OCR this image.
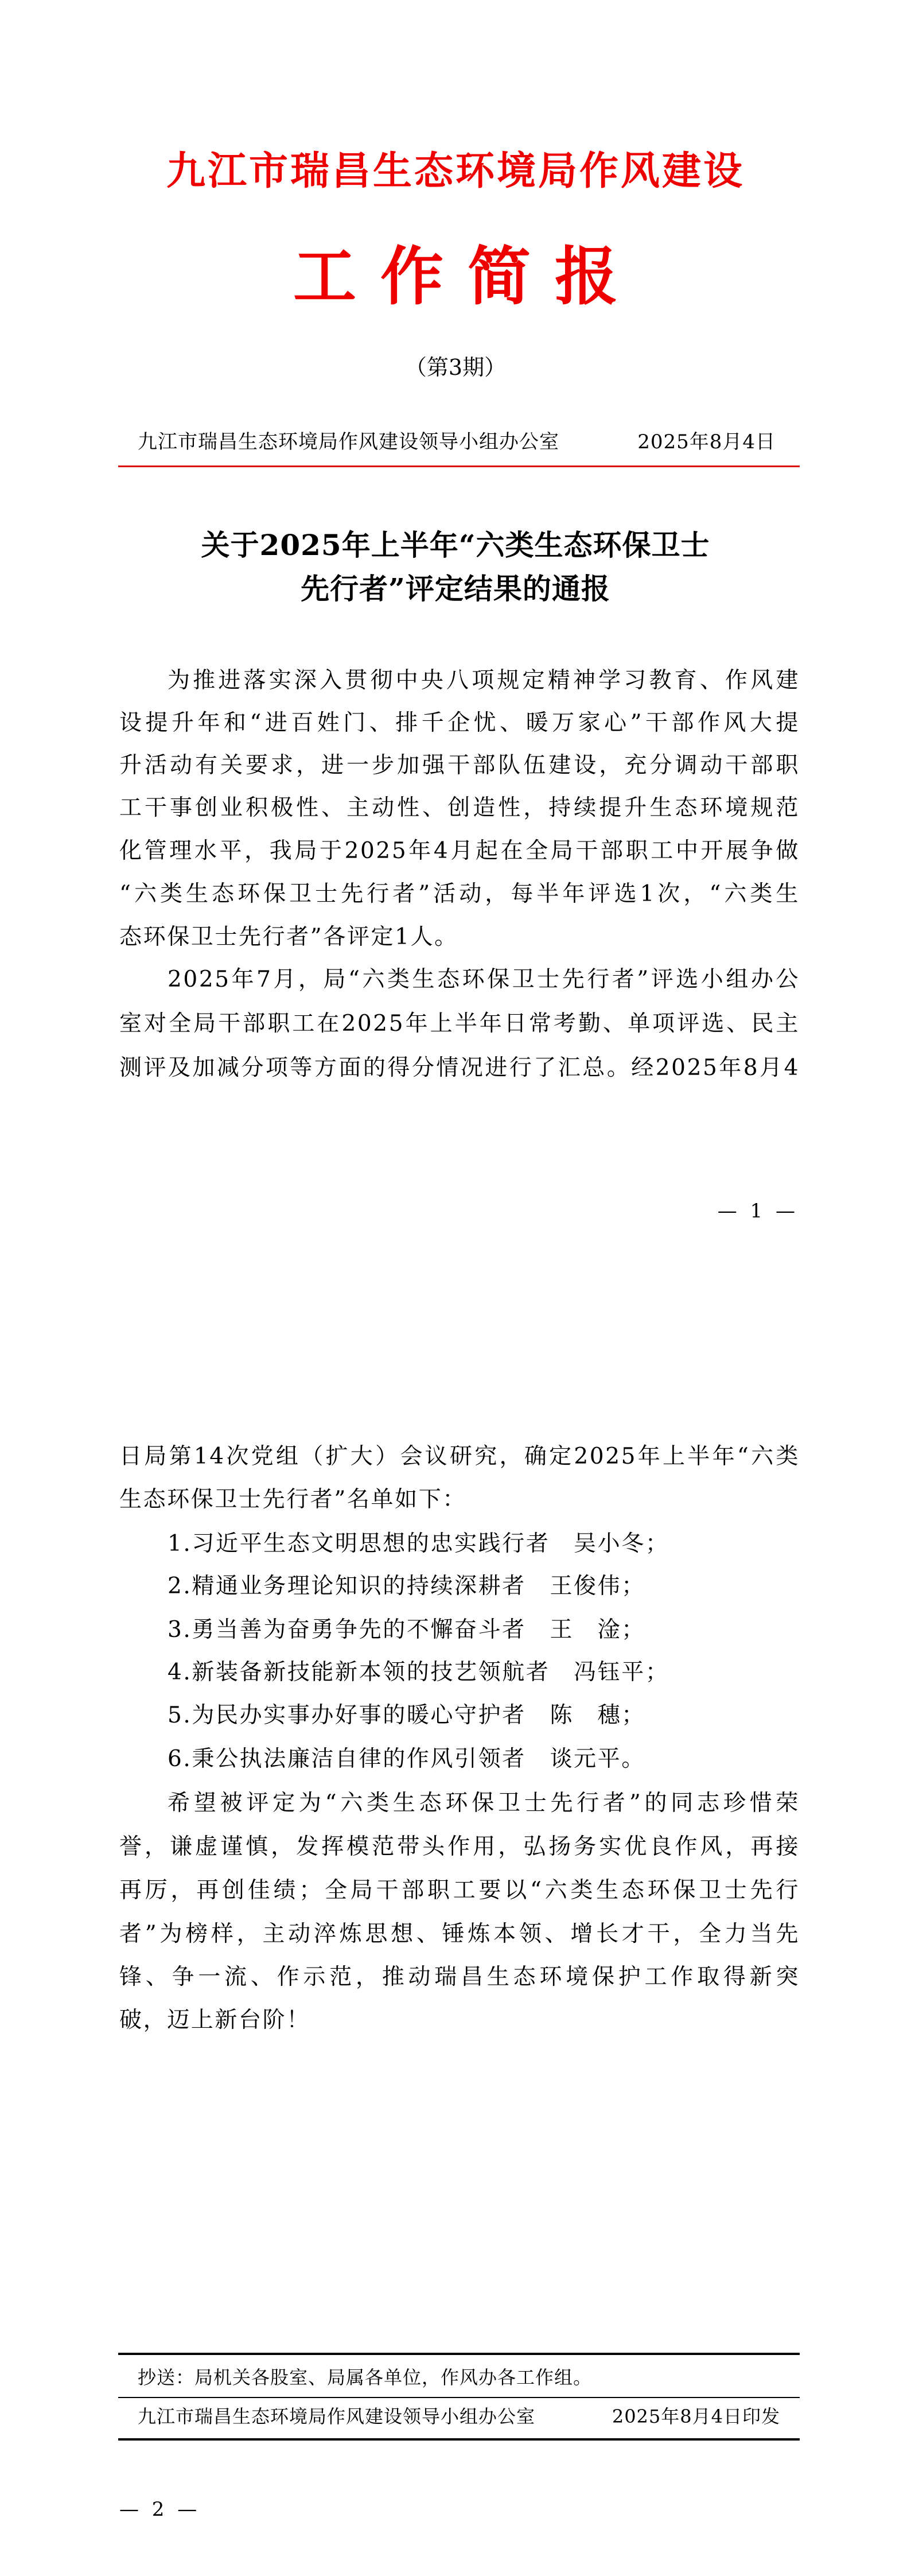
九江市瑞昌生态环境局作风建设
工作简报
（第3期）
九江市瑞昌生态环境局作风建设领导小组办公室	2025年8月4日
关于2025年上半年“六类生态环保卫士
先行者”评定结果的通报
为推进落实深入贯彻中央八项规定精神学习教育、作风建
设提升年和“进百姓门、排千企忧、暖万家心”干部作风大提
升活动有关要求，进一步加强干部队伍建设，充分调动干部职
工干事创业积极性、主动性、创造性，持续提升生态环境规范
化管理水平，我局于2025年4月起在全局干部职工中开展争做
“六类生态环保卫士先行者”活动，每半年评选1次，“六类生
态环保卫士先行者”各评定1人。
2025年7月，局“六类生态环保卫士先行者”评选小组办公
室对全局干部职工在2025年上半年日常考勤、单项评选、民主
测评及加减分项等方面的得分情况进行了汇总。经2025年8月4
— 1 —
日局第14次党组（扩大）会议研究，确定2025年上半年“六类
生态环保卫士先行者”名单如下：
1.习近平生态文明思想的忠实践行者　 吴小冬；
2.精通业务理论知识的持续深耕者　 王俊伟；
3.勇当善为奋勇争先的不懈奋斗者　 王　淦；
4.新装备新技能新本领的技艺领航者　 冯钰平；
5.为民办实事办好事的暖心守护者　 陈　穗；
6.秉公执法廉洁自律的作风引领者　 谈元平。
希望被评定为“六类生态环保卫士先行者”的同志珍惜荣
誉，谦虚谨慎，发挥模范带头作用，弘扬务实优良作风，再接
再厉，再创佳绩；全局干部职工要以“六类生态环保卫士先行
者”为榜样，主动淬炼思想、锤炼本领、增长才干，全力当先
锋、争一流、作示范，推动瑞昌生态环境保护工作取得新突
破，迈上新台阶！
抄送：局机关各股室、局属各单位，作风办各工作组。
九江市瑞昌生态环境局作风建设领导小组办公室	2025年8月4日印发
— 2 —
